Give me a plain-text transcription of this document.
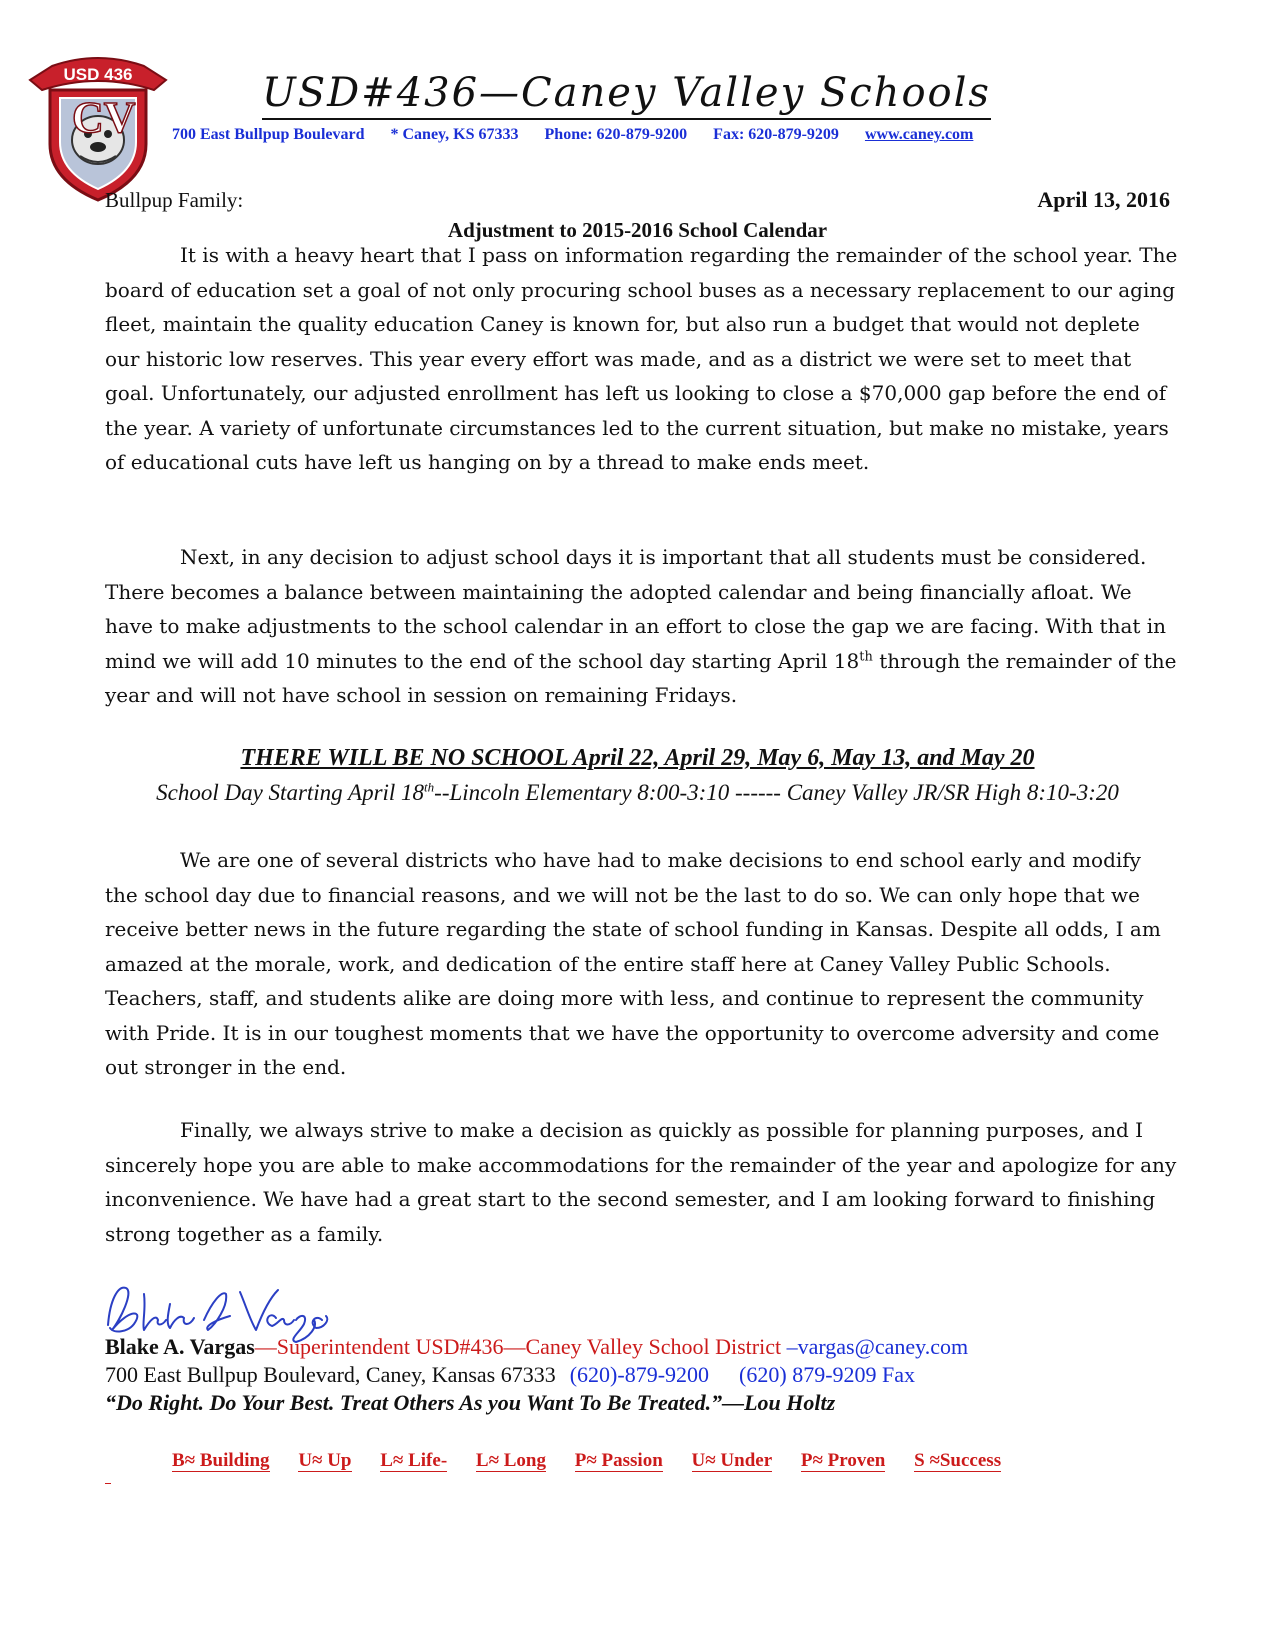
USD 436
CV	USD#436—Caney Valley Schools
700 East Bullpup Boulevard * Caney, KS 67333 Phone: 620-879-9200 Fax: 620-879-9209 www.caney.com
Bullpup Family:	April 13, 2016
Adjustment to 2015-2016 School Calendar

It is with a heavy heart that I pass on information regarding the remainder of the school year. The board of education set a goal of not only procuring school buses as a necessary replacement to our aging fleet, maintain the quality education Caney is known for, but also run a budget that would not deplete our historic low reserves. This year every effort was made, and as a district we were set to meet that goal. Unfortunately, our adjusted enrollment has left us looking to close a $70,000 gap before the end of the year. A variety of unfortunate circumstances led to the current situation, but make no mistake, years of educational cuts have left us hanging on by a thread to make ends meet.

Next, in any decision to adjust school days it is important that all students must be considered. There becomes a balance between maintaining the adopted calendar and being financially afloat. We have to make adjustments to the school calendar in an effort to close the gap we are facing. With that in mind we will add 10 minutes to the end of the school day starting April 18th through the remainder of the year and will not have school in session on remaining Fridays.

THERE WILL BE NO SCHOOL April 22, April 29, May 6, May 13, and May 20
School Day Starting April 18th--Lincoln Elementary 8:00-3:10 ------ Caney Valley JR/SR High 8:10-3:20

We are one of several districts who have had to make decisions to end school early and modify the school day due to financial reasons, and we will not be the last to do so. We can only hope that we receive better news in the future regarding the state of school funding in Kansas. Despite all odds, I am amazed at the morale, work, and dedication of the entire staff here at Caney Valley Public Schools. Teachers, staff, and students alike are doing more with less, and continue to represent the community with Pride. It is in our toughest moments that we have the opportunity to overcome adversity and come out stronger in the end.

Finally, we always strive to make a decision as quickly as possible for planning purposes, and I sincerely hope you are able to make accommodations for the remainder of the year and apologize for any inconvenience. We have had a great start to the second semester, and I am looking forward to finishing strong together as a family.

Blake A. Vargas—Superintendent USD#436—Caney Valley School District –vargas@caney.com
700 East Bullpup Boulevard, Caney, Kansas 67333 (620)-879-9200 (620) 879-9209 Fax
“Do Right. Do Your Best. Treat Others As you Want To Be Treated.”—Lou Holtz
B≈ Building U≈ Up L≈ Life- L≈ Long P≈ Passion U≈ Under P≈ Proven S ≈Success
